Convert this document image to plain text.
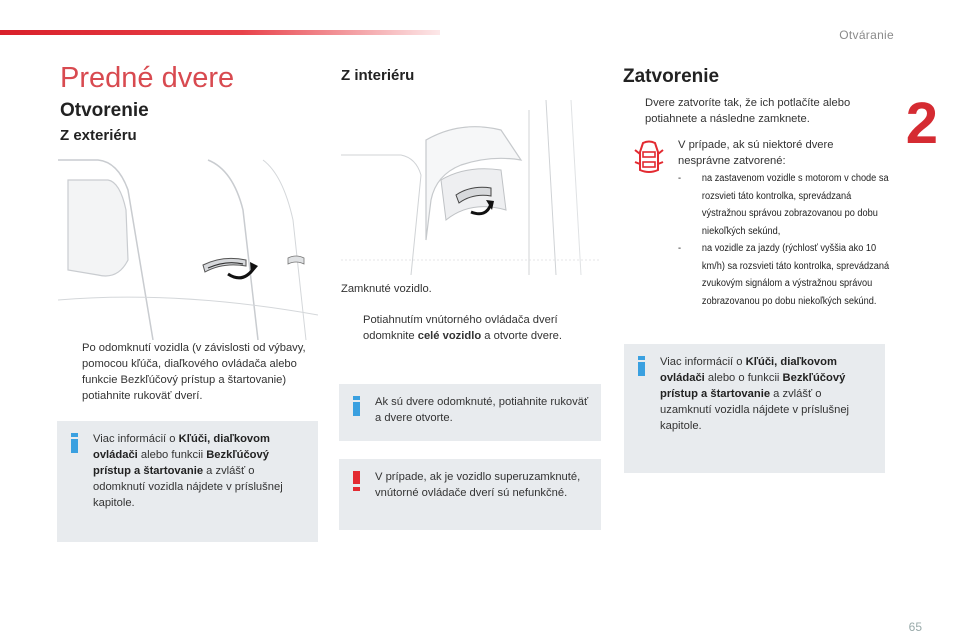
Otváranie
2
65
Predné dvere
Otvorenie
Z exteriéru
Po odomknutí vozidla (v závislosti od výbavy, pomocou kľúča, diaľkového ovládača alebo funkcie Bezkľúčový prístup a štartovanie) potiahnite rukoväť dverí.
Viac informácií o Kľúči, diaľkovom ovládači alebo funkcii Bezkľúčový prístup a štartovanie a zvlášť o odomknutí vozidla nájdete v príslušnej kapitole.
Z interiéru
Zamknuté vozidlo.
Potiahnutím vnútorného ovládača dverí odomknite celé vozidlo a otvorte dvere.
Ak sú dvere odomknuté, potiahnite rukoväť a dvere otvorte.
V prípade, ak je vozidlo superuzamknuté, vnútorné ovládače dverí sú nefunkčné.
Zatvorenie
Dvere zatvoríte tak, že ich potlačíte alebo potiahnete a následne zamknete.
V prípade, ak sú niektoré dvere nesprávne zatvorené:
- na zastavenom vozidle s motorom v chode sa rozsvieti táto kontrolka, sprevádzaná výstražnou správou zobrazovanou po dobu niekoľkých sekúnd,
- na vozidle za jazdy (rýchlosť vyššia ako 10 km/h) sa rozsvieti táto kontrolka, sprevádzaná zvukovým signálom a výstražnou správou zobrazovanou po dobu niekoľkých sekúnd.
Viac informácií o Kľúči, diaľkovom ovládači alebo o funkcii Bezkľúčový prístup a štartovanie a zvlášť o uzamknutí vozidla nájdete v príslušnej kapitole.
